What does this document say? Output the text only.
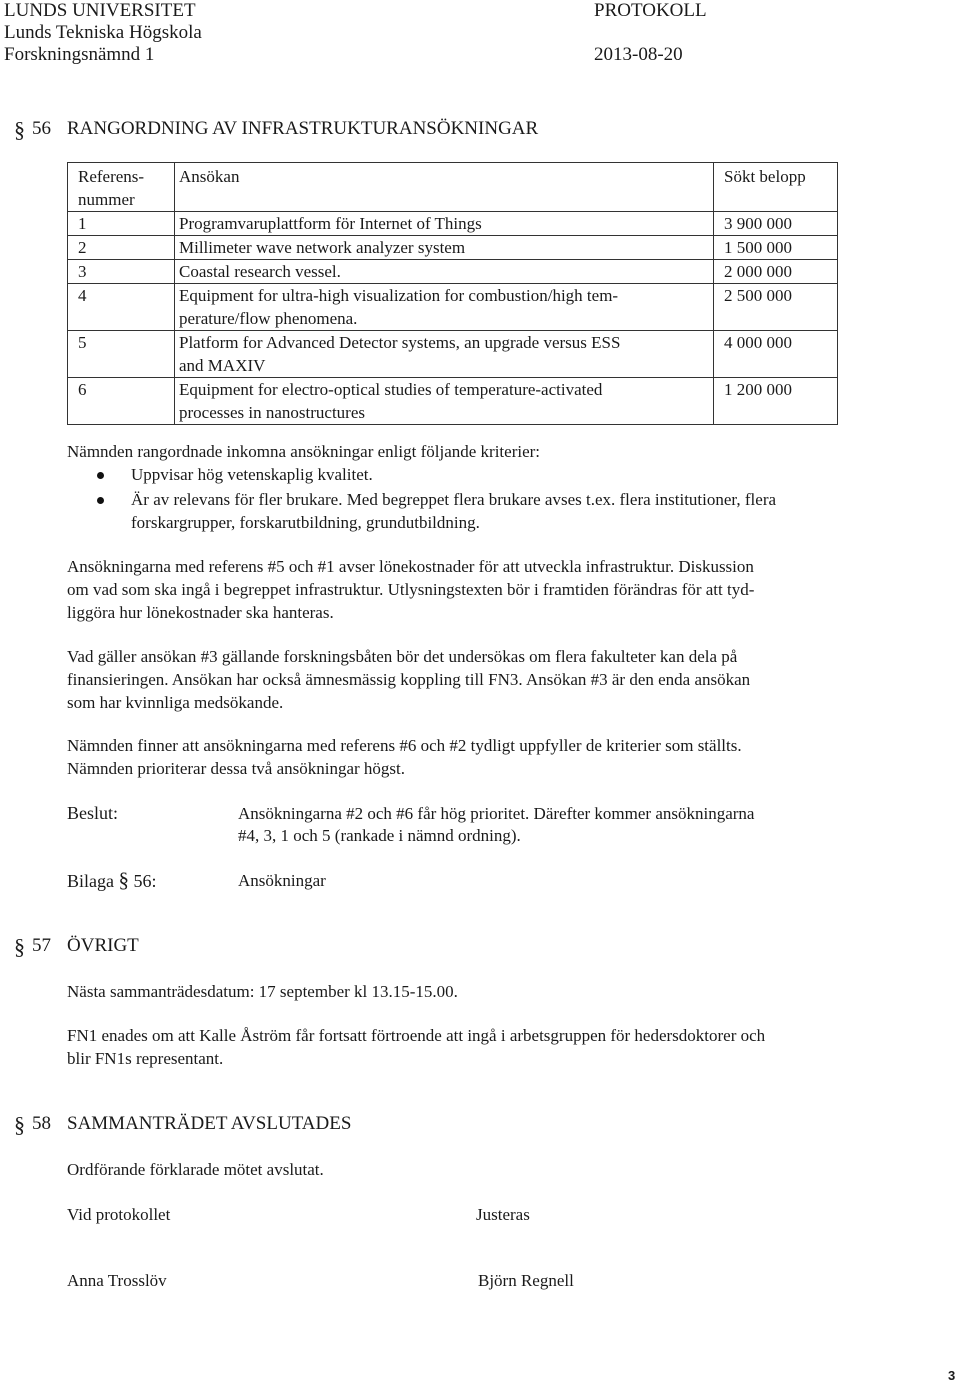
LUNDS UNIVERSITET
Lunds Tekniska Högskola
Forskningsnämnd 1
PROTOKOLL
2013-08-20
§ 56 RANGORDNING AV INFRASTRUKTURANSÖKNINGAR
Referens-
nummer	Ansökan	Sökt belopp
1	Programvaruplattform för Internet of Things	3 900 000
2	Millimeter wave network analyzer system	1 500 000
3	Coastal research vessel.	2 000 000
4	Equipment for ultra-high visualization for combustion/high tem-
perature/flow phenomena.	2 500 000
5	Platform for Advanced Detector systems, an upgrade versus ESS
and MAXIV	4 000 000
6	Equipment for electro-optical studies of temperature-activated
processes in nanostructures	1 200 000
Nämnden rangordnade inkomna ansökningar enligt följande kriterier:
Uppvisar hög vetenskaplig kvalitet.
Är av relevans för fler brukare. Med begreppet flera brukare avses t.ex. flera institutioner, flera
forskargrupper, forskarutbildning, grundutbildning.
Ansökningarna med referens #5 och #1 avser lönekostnader för att utveckla infrastruktur. Diskussion
om vad som ska ingå i begreppet infrastruktur. Utlysningstexten bör i framtiden förändras för att tyd-
liggöra hur lönekostnader ska hanteras.
Vad gäller ansökan #3 gällande forskningsbåten bör det undersökas om flera fakulteter kan dela på
finansieringen. Ansökan har också ämnesmässig koppling till FN3. Ansökan #3 är den enda ansökan
som har kvinnliga medsökande.
Nämnden finner att ansökningarna med referens #6 och #2 tydligt uppfyller de kriterier som ställts.
Nämnden prioriterar dessa två ansökningar högst.
Beslut:	Ansökningarna #2 och #6 får hög prioritet. Därefter kommer ansökningarna
#4, 3, 1 och 5 (rankade i nämnd ordning).
Bilaga § 56:	Ansökningar
§ 57 ÖVRIGT
Nästa sammanträdesdatum: 17 september kl 13.15-15.00.
FN1 enades om att Kalle Åström får fortsatt förtroende att ingå i arbetsgruppen för hedersdoktorer och
blir FN1s representant.
§ 58 SAMMANTRÄDET AVSLUTADES
Ordförande förklarade mötet avslutat.
Vid protokollet	Justeras
Anna Trosslöv	Björn Regnell
3
